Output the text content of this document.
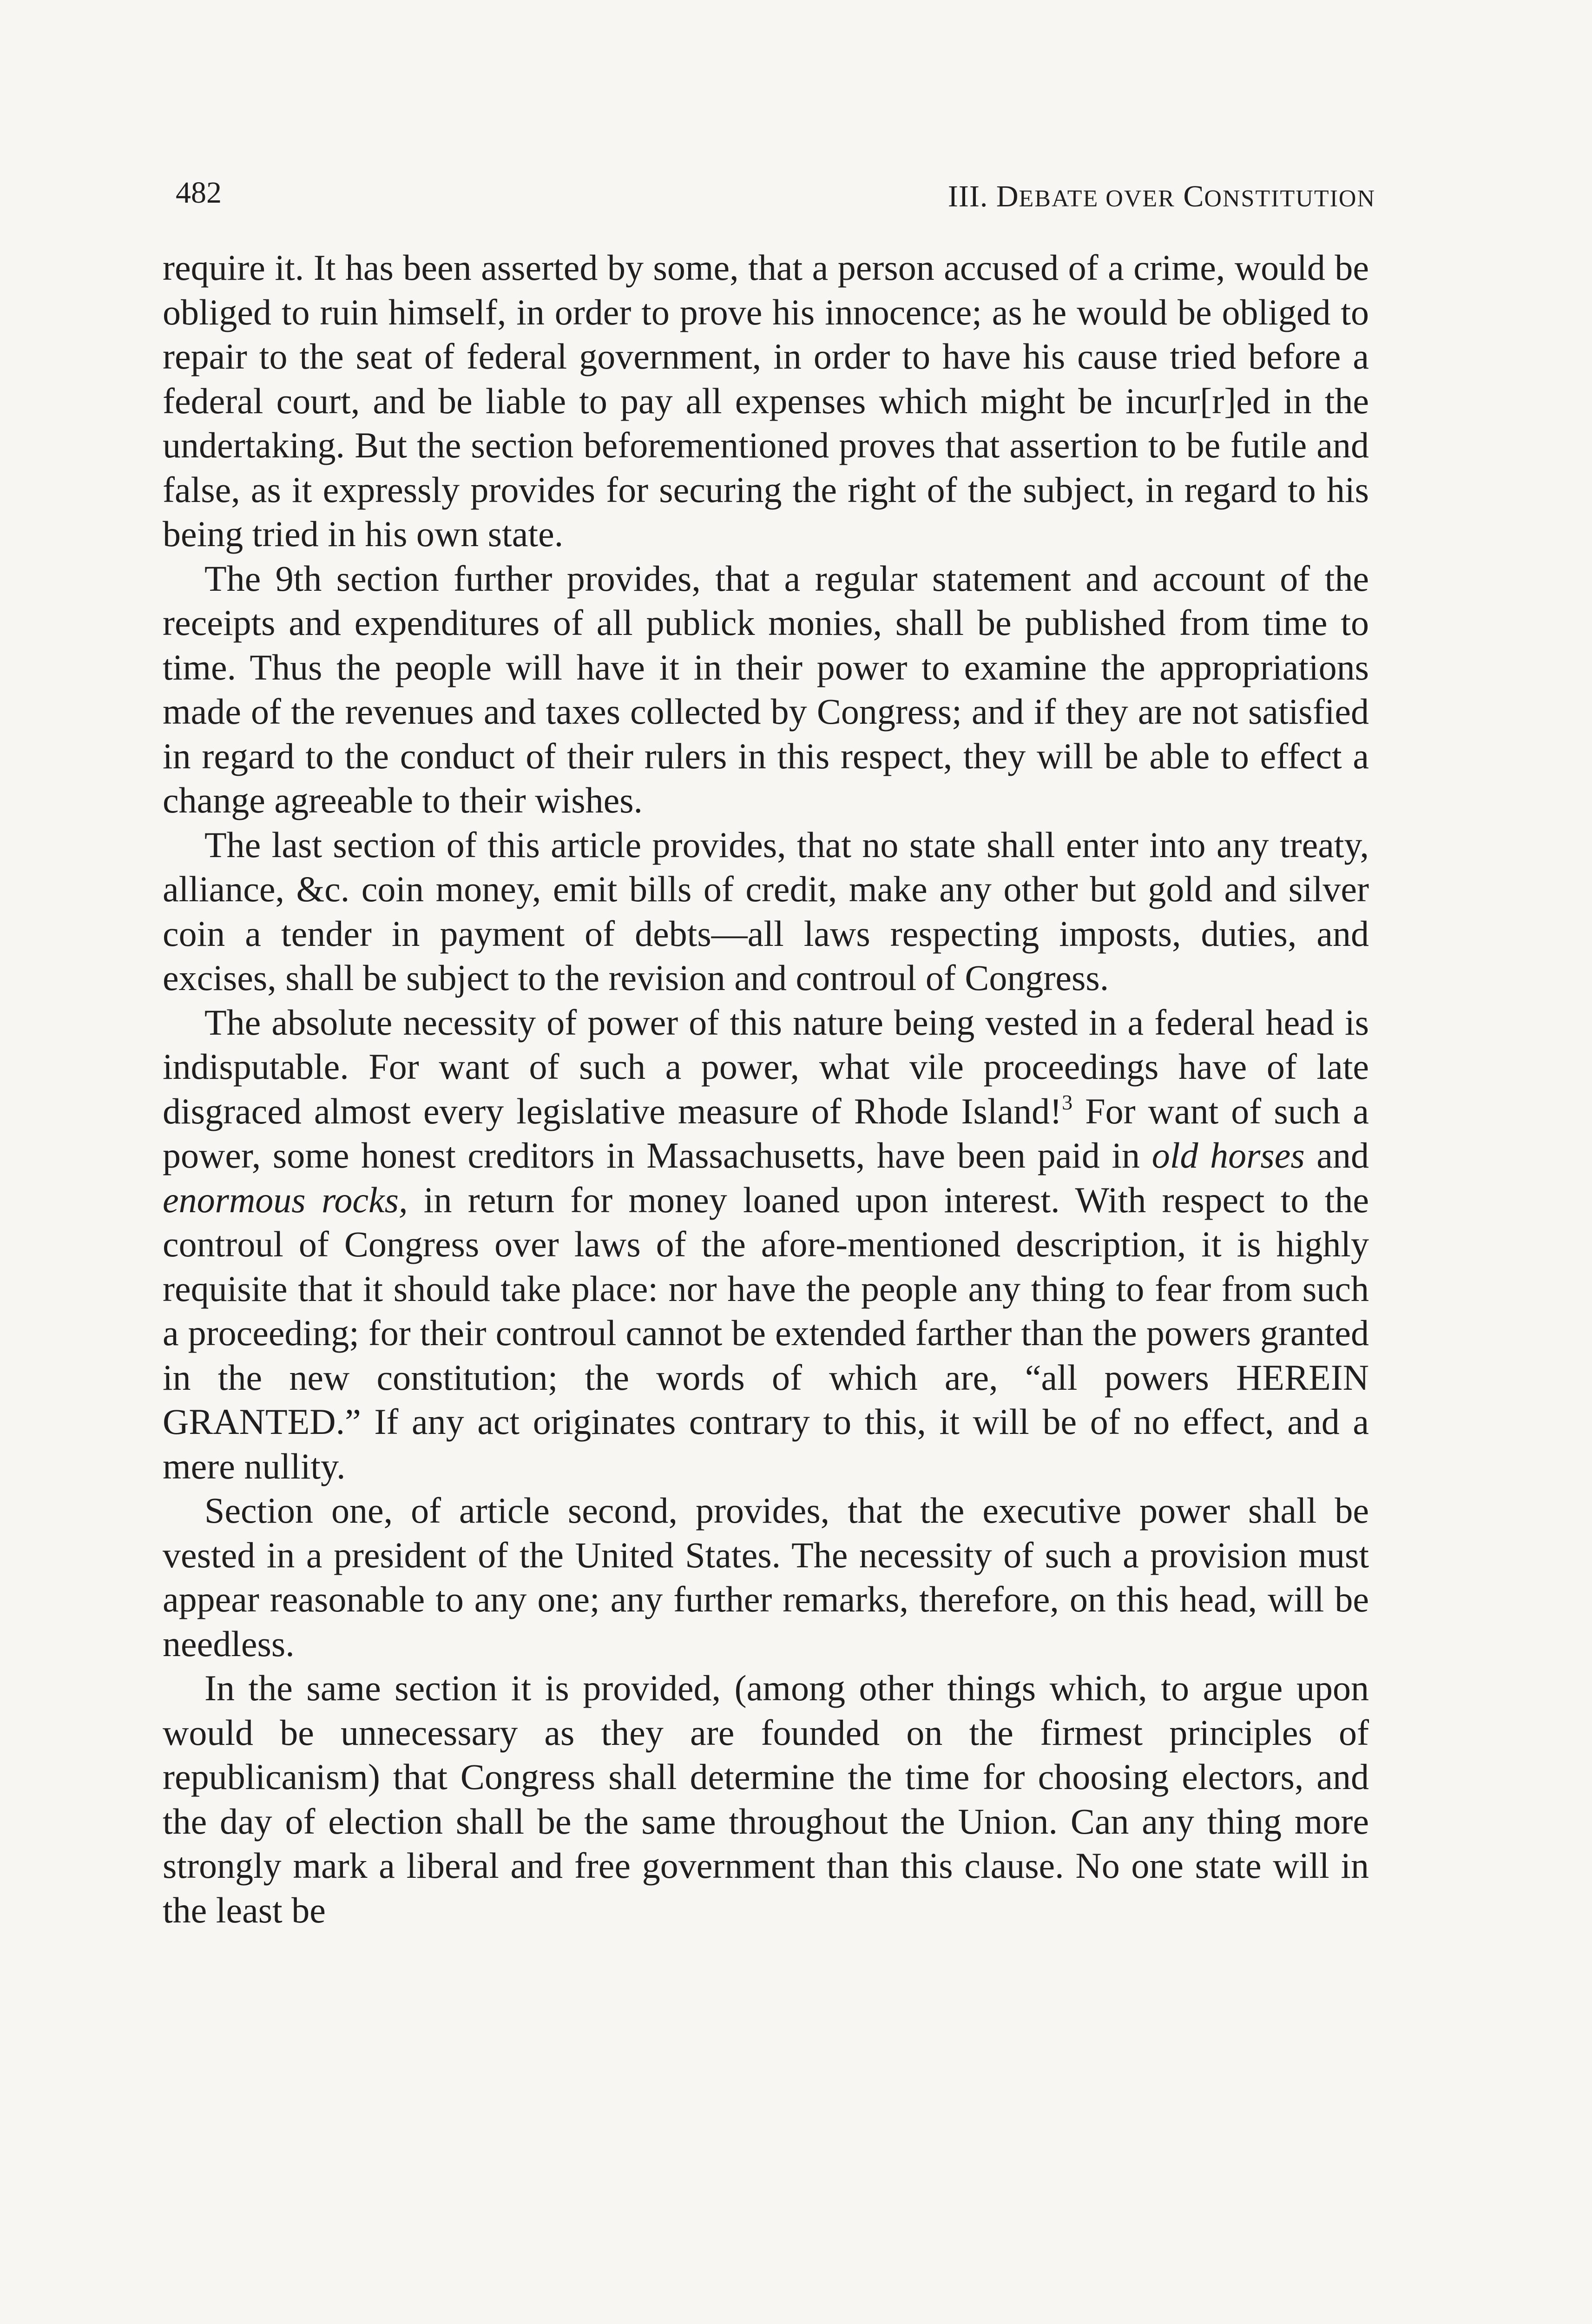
482	III. DEBATE OVER CONSTITUTION

require it. It has been asserted by some, that a person accused of a crime, would be obliged to ruin himself, in order to prove his innocence; as he would be obliged to repair to the seat of federal government, in order to have his cause tried before a federal court, and be liable to pay all expenses which might be incur[r]ed in the undertaking. But the section beforementioned proves that assertion to be futile and false, as it expressly provides for securing the right of the subject, in regard to his being tried in his own state.

The 9th section further provides, that a regular statement and account of the receipts and expenditures of all publick monies, shall be published from time to time. Thus the people will have it in their power to examine the appropriations made of the revenues and taxes collected by Congress; and if they are not satisfied in regard to the conduct of their rulers in this respect, they will be able to effect a change agreeable to their wishes.

The last section of this article provides, that no state shall enter into any treaty, alliance, &c. coin money, emit bills of credit, make any other but gold and silver coin a tender in payment of debts—all laws respecting imposts, duties, and excises, shall be subject to the revision and controul of Congress.

The absolute necessity of power of this nature being vested in a federal head is indisputable. For want of such a power, what vile proceedings have of late disgraced almost every legislative measure of Rhode Island!$^3$ For want of such a power, some honest creditors in Massachusetts, have been paid in old horses and enormous rocks, in return for money loaned upon interest. With respect to the controul of Congress over laws of the afore-mentioned description, it is highly requisite that it should take place: nor have the people any thing to fear from such a proceeding; for their controul cannot be extended farther than the powers granted in the new constitution; the words of which are, “all powers HEREIN GRANTED.” If any act originates contrary to this, it will be of no effect, and a mere nullity.

Section one, of article second, provides, that the executive power shall be vested in a president of the United States. The necessity of such a provision must appear reasonable to any one; any further remarks, therefore, on this head, will be needless.

In the same section it is provided, (among other things which, to argue upon would be unnecessary as they are founded on the firmest principles of republicanism) that Congress shall determine the time for choosing electors, and the day of election shall be the same throughout the Union. Can any thing more strongly mark a liberal and free government than this clause. No one state will in the least be
